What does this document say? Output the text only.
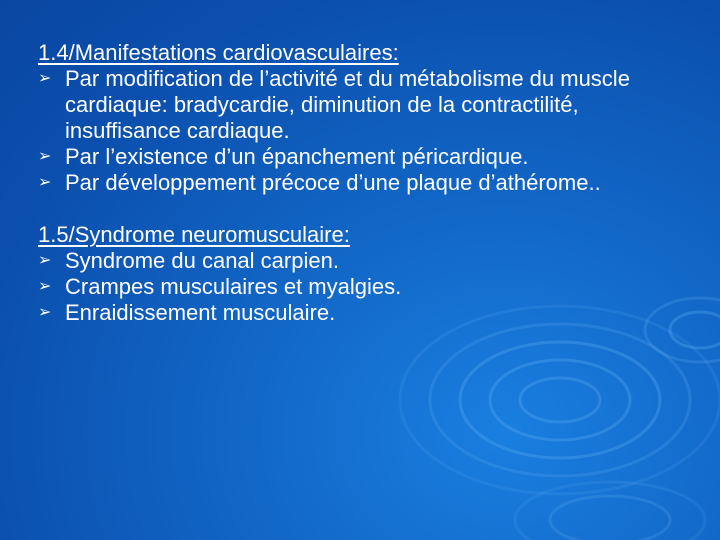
1.4/Manifestations cardiovasculaires:

➢ Par modification de l’activité et du métabolisme du muscle cardiaque: bradycardie, diminution de la contractilité, insuffisance cardiaque.
➢ Par l’existence d’un épanchement péricardique.
➢ Par développement précoce d’une plaque d’athérome..

1.5/Syndrome neuromusculaire:

➢ Syndrome du canal carpien.
➢ Crampes musculaires et myalgies.
➢ Enraidissement musculaire.
